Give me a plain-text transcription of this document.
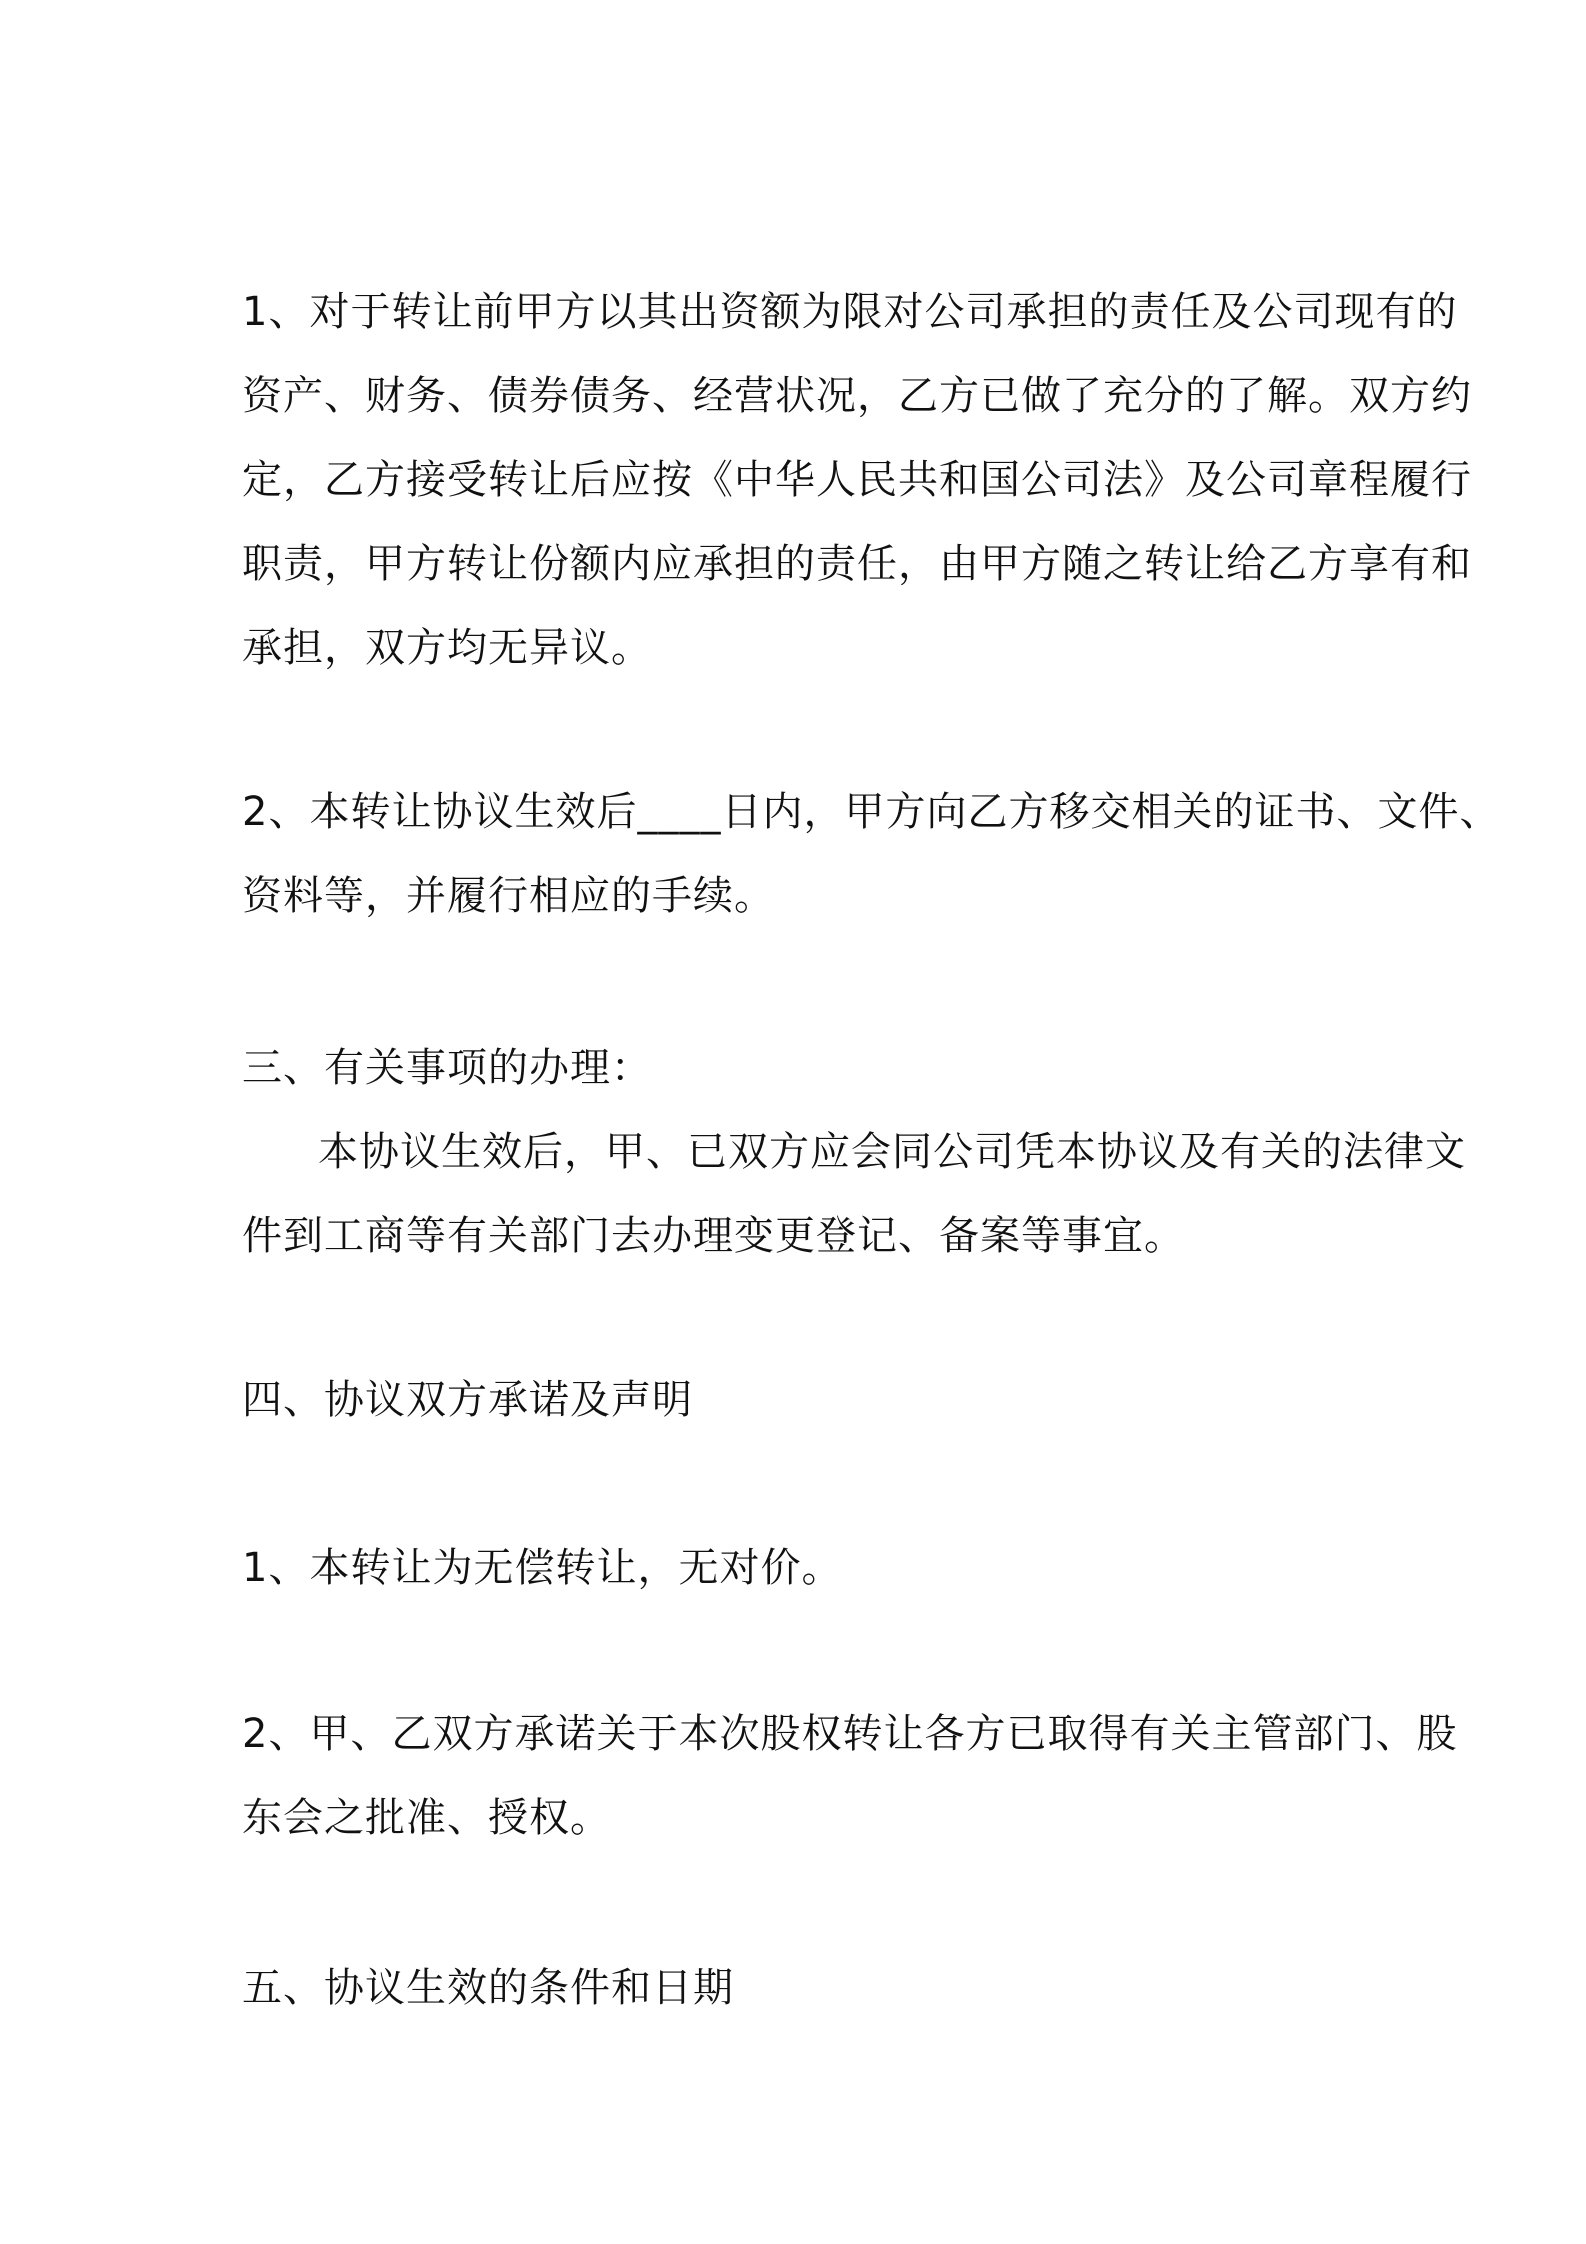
1、对于转让前甲方以其出资额为限对公司承担的责任及公司现有的
资产、财务、债券债务、经营状况，乙方已做了充分的了解。双方约
定，乙方接受转让后应按《中华人民共和国公司法》及公司章程履行
职责，甲方转让份额内应承担的责任，由甲方随之转让给乙方享有和
承担，双方均无异议。
2、本转让协议生效后____日内，甲方向乙方移交相关的证书、文件、
资料等，并履行相应的手续。
三、有关事项的办理：
本协议生效后，甲、已双方应会同公司凭本协议及有关的法律文
件到工商等有关部门去办理变更登记、备案等事宜。
四、协议双方承诺及声明
1、本转让为无偿转让，无对价。
2、甲、乙双方承诺关于本次股权转让各方已取得有关主管部门、股
东会之批准、授权。
五、协议生效的条件和日期
